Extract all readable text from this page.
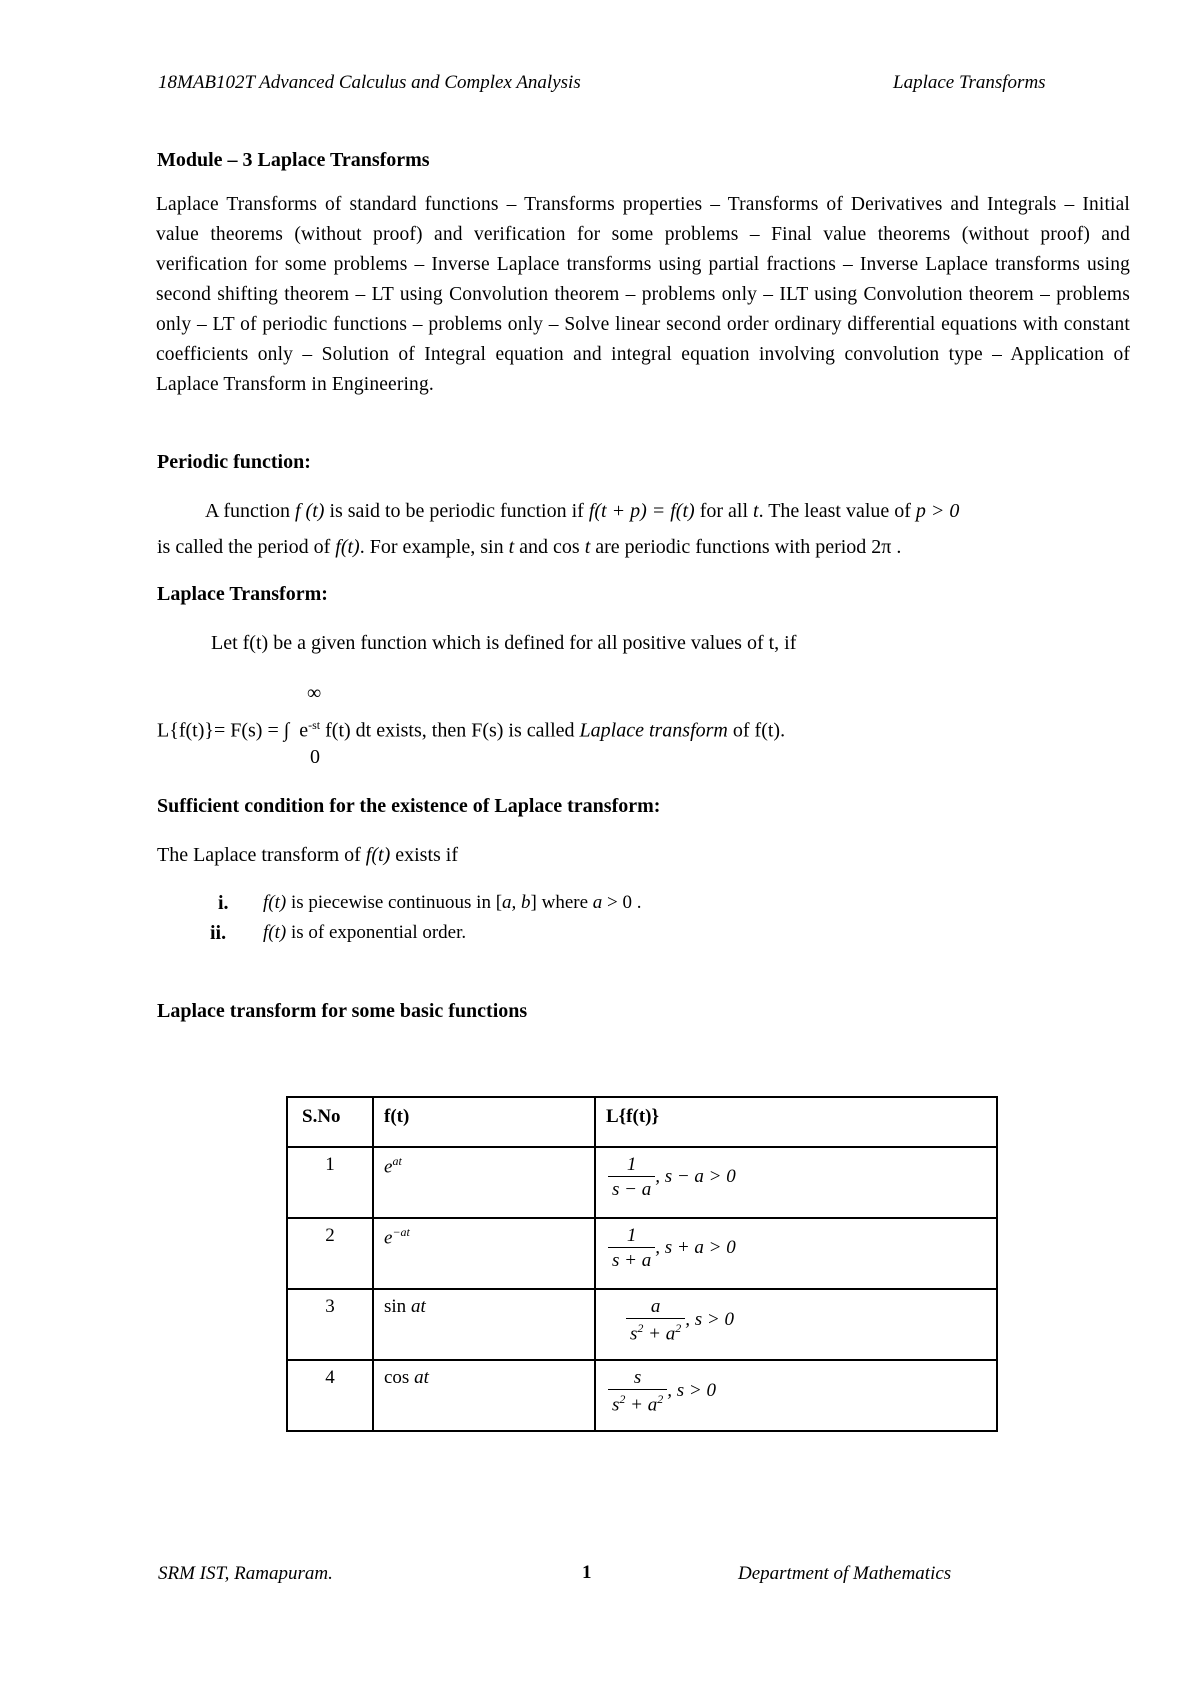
18MAB102T Advanced Calculus and Complex Analysis	Laplace Transforms
Module – 3 Laplace Transforms
Laplace Transforms of standard functions – Transforms properties – Transforms of Derivatives and Integrals – Initial value theorems (without proof) and verification for some problems – Final value theorems (without proof) and verification for some problems – Inverse Laplace transforms using partial fractions – Inverse Laplace transforms using second shifting theorem – LT using Convolution theorem – problems only – ILT using Convolution theorem – problems only – LT of periodic functions – problems only – Solve linear second order ordinary differential equations with constant coefficients only – Solution of Integral equation and integral equation involving convolution type – Application of Laplace Transform in Engineering.
Periodic function:
A function f (t) is said to be periodic function if f(t + p) = f(t) for all t. The least value of p > 0
is called the period of f(t). For example, sin t and cos t are periodic functions with period 2π .
Laplace Transform:
Let f(t) be a given function which is defined for all positive values of t, if
∞
L{f(t)}= F(s) = ∫ $e^{-st}$ f(t) dt exists, then F(s) is called Laplace transform of f(t).
0
Sufficient condition for the existence of Laplace transform:
The Laplace transform of f(t) exists if
i. f(t) is piecewise continuous in [a, b] where a > 0 .
ii. f(t) is of exponential order.
Laplace transform for some basic functions
S.No	f(t)	L{f(t)}
1	$e^{at}$	$\frac{1}{s - a}$ , s − a > 0
2	$e^{-at}$	$\frac{1}{s + a}$ , s + a > 0
3	sin at	$\frac{a}{s^2 + a^2}$ , s > 0
4	cos at	$\frac{s}{s^2 + a^2}$ , s > 0
SRM IST, Ramapuram.	1	Department of Mathematics
